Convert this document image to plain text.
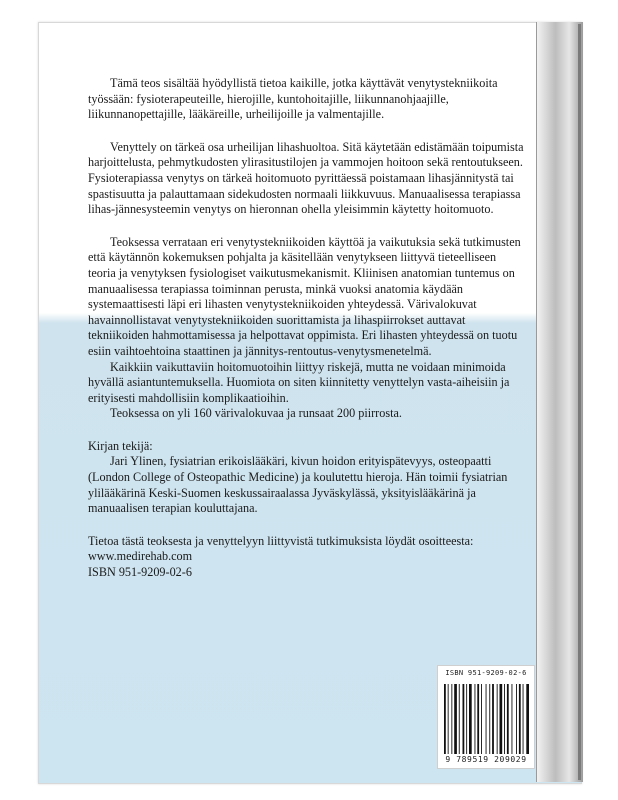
Tämä teos sisältää hyödyllistä tietoa kaikille, jotka käyttävät venytystekniikoita työssään: fysioterapeuteille, hierojille, kuntohoitajille, liikunnanohjaajille, liikunnanopettajille, lääkäreille, urheilijoille ja valmentajille.

Venyttely on tärkeä osa urheilijan lihashuoltoa. Sitä käytetään edistämään toipumista harjoittelusta, pehmytkudosten ylirasitustilojen ja vammojen hoitoon sekä rentoutukseen. Fysioterapiassa venytys on tärkeä hoitomuoto pyrittäessä poistamaan lihasjännitystä tai spastisuutta ja palauttamaan sidekudosten normaali liikkuvuus. Manuaalisessa terapiassa lihas-jännesysteemin venytys on hieronnan ohella yleisimmin käytetty hoitomuoto.

Teoksessa verrataan eri venytystekniikoiden käyttöä ja vaikutuksia sekä tutkimusten että käytännön kokemuksen pohjalta ja käsitellään venytykseen liittyvä tieteelliseen teoria ja venytyksen fysiologiset vaikutusmekanismit. Kliinisen anatomian tuntemus on manuaalisessa terapiassa toiminnan perusta, minkä vuoksi anatomia käydään systemaattisesti läpi eri lihasten venytystekniikoiden yhteydessä. Värivalokuvat havainnollistavat venytystekniikoiden suorittamista ja lihaspiirrokset auttavat tekniikoiden hahmottamisessa ja helpottavat oppimista. Eri lihasten yhteydessä on tuotu esiin vaihtoehtoina staattinen ja jännitys-rentoutus-venytysmenetelmä.

Kaikkiin vaikuttaviin hoitomuotoihin liittyy riskejä, mutta ne voidaan minimoida hyvällä asiantuntemuksella. Huomiota on siten kiinnitetty venyttelyn vasta-aiheisiin ja erityisesti mahdollisiin komplikaatioihin.

Teoksessa on yli 160 värivalokuvaa ja runsaat 200 piirrosta.

Kirjan tekijä:

Jari Ylinen, fysiatrian erikoislääkäri, kivun hoidon erityispätevyys, osteopaatti (London College of Osteopathic Medicine) ja koulutettu hieroja. Hän toimii fysiatrian ylilääkärinä Keski-Suomen keskussairaalassa Jyväskylässä, yksityislääkärinä ja manuaalisen terapian kouluttajana.

Tietoa tästä teoksesta ja venyttelyyn liittyvistä tutkimuksista löydät osoitteesta: www.medirehab.com

ISBN 951-9209-02-6

ISBN 951-9209-02-6
9 789519 209029
